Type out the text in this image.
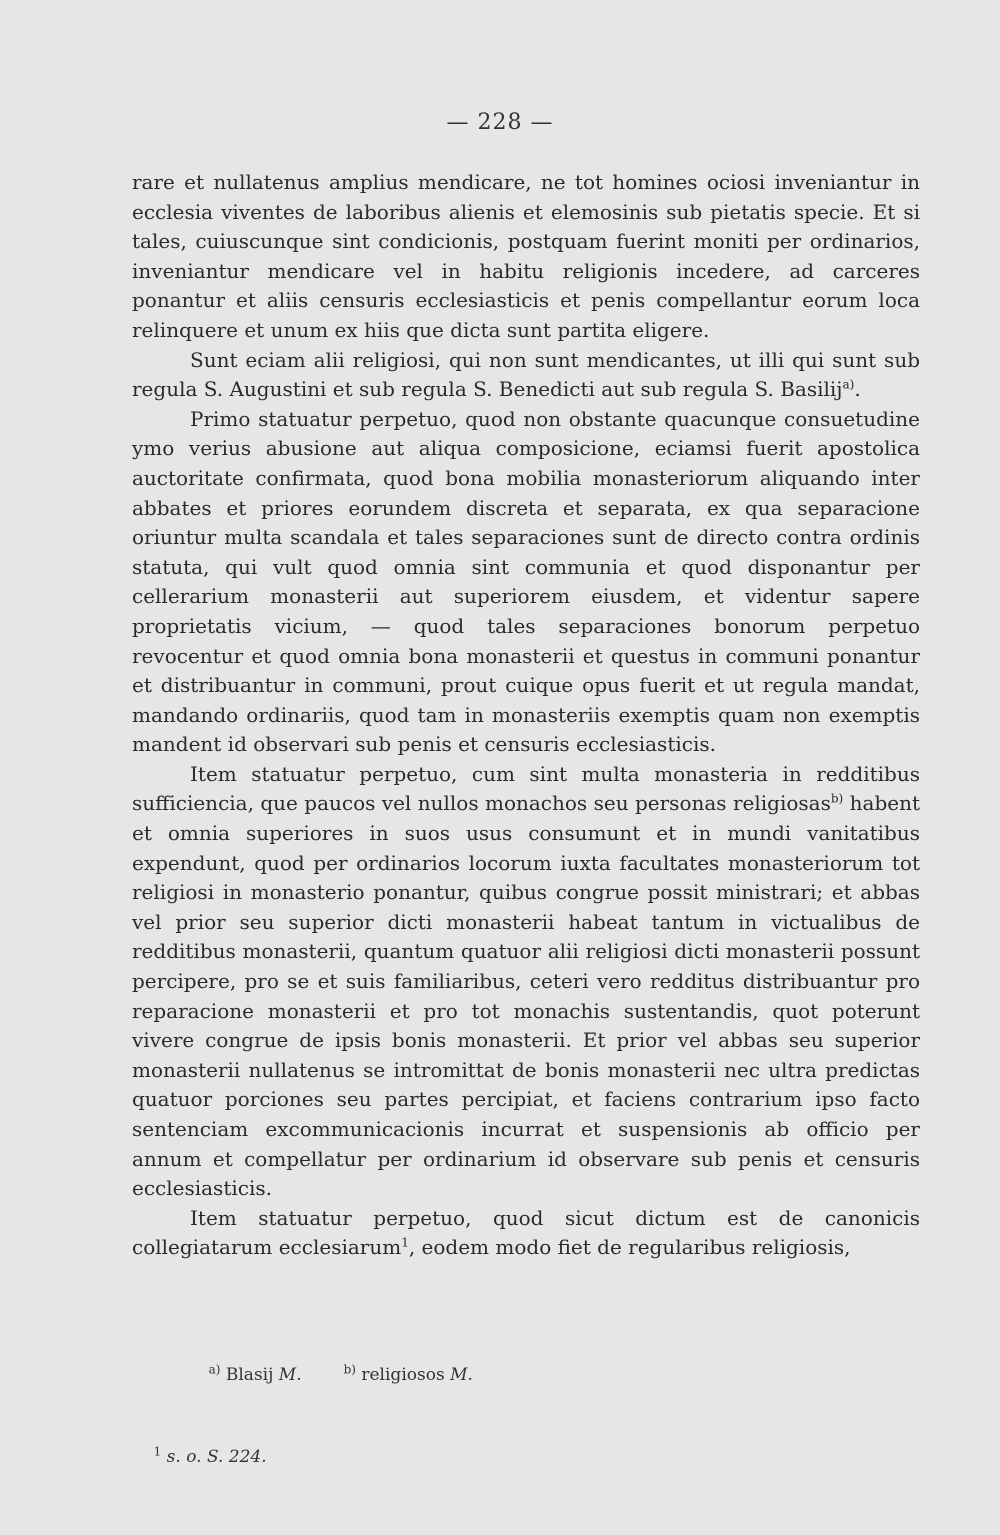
— 228 —

rare et nullatenus amplius mendicare, ne tot homines ociosi inveniantur in ecclesia viventes de laboribus alienis et elemosinis sub pietatis specie. Et si tales, cuiuscunque sint condicionis, postquam fuerint moniti per ordinarios, inveniantur mendicare vel in habitu religionis incedere, ad carceres ponantur et aliis censuris ecclesiasticis et penis compellantur eorum loca relinquere et unum ex hiis que dicta sunt partita eligere.

Sunt eciam alii religiosi, qui non sunt mendicantes, ut illi qui sunt sub regula S. Augustini et sub regula S. Benedicti aut sub regula S. Basilij$^{a)}$.

Primo statuatur perpetuo, quod non obstante quacunque consuetudine ymo verius abusione aut aliqua composicione, eciamsi fuerit apostolica auctoritate confirmata, quod bona mobilia monasteriorum aliquando inter abbates et priores eorundem discreta et separata, ex qua separacione oriuntur multa scandala et tales separaciones sunt de directo contra ordinis statuta, qui vult quod omnia sint communia et quod disponantur per cellerarium monasterii aut superiorem eiusdem, et videntur sapere proprietatis vicium, — quod tales separaciones bonorum perpetuo revocentur et quod omnia bona monasterii et questus in communi ponantur et distribuantur in communi, prout cuique opus fuerit et ut regula mandat, mandando ordinariis, quod tam in monasteriis exemptis quam non exemptis mandent id observari sub penis et censuris ecclesiasticis.

Item statuatur perpetuo, cum sint multa monasteria in redditibus sufficiencia, que paucos vel nullos monachos seu personas religiosas$^{b)}$ habent et omnia superiores in suos usus consumunt et in mundi vanitatibus expendunt, quod per ordinarios locorum iuxta facultates monasteriorum tot religiosi in monasterio ponantur, quibus congrue possit ministrari; et abbas vel prior seu superior dicti monasterii habeat tantum in victualibus de redditibus monasterii, quantum quatuor alii religiosi dicti monasterii possunt percipere, pro se et suis familiaribus, ceteri vero redditus distribuantur pro reparacione monasterii et pro tot monachis sustentandis, quot poterunt vivere congrue de ipsis bonis monasterii. Et prior vel abbas seu superior monasterii nullatenus se intromittat de bonis monasterii nec ultra predictas quatuor porciones seu partes percipiat, et faciens contrarium ipso facto sentenciam excommunicacionis incurrat et suspensionis ab officio per annum et compellatur per ordinarium id observare sub penis et censuris ecclesiasticis.

Item statuatur perpetuo, quod sicut dictum est de canonicis collegiatarum ecclesiarum$^1$, eodem modo fiet de regularibus religiosis,

$^{a)}$ Blasij M.	$^{b)}$ religiosos M.

$^1$ s. o. S. 224.
